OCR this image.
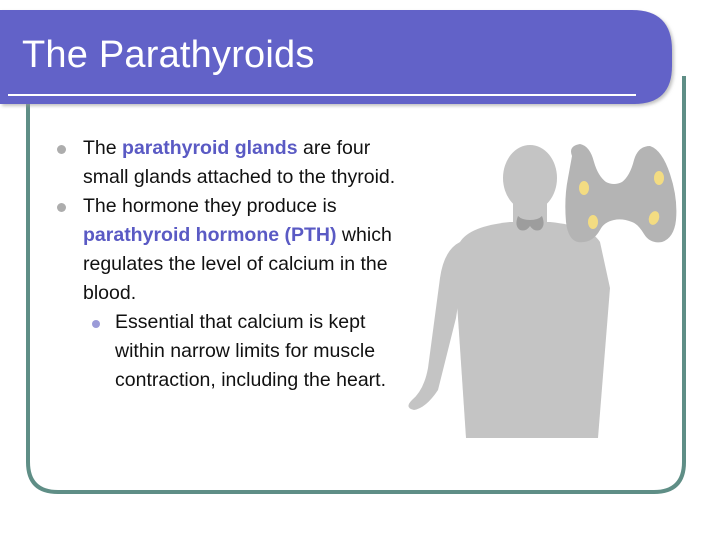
The Parathyroids
The parathyroid glands are four small glands attached to the thyroid.
The hormone they produce is parathyroid hormone (PTH) which regulates the level of calcium in the blood.
Essential that calcium is kept within narrow limits for muscle contraction, including the heart.
